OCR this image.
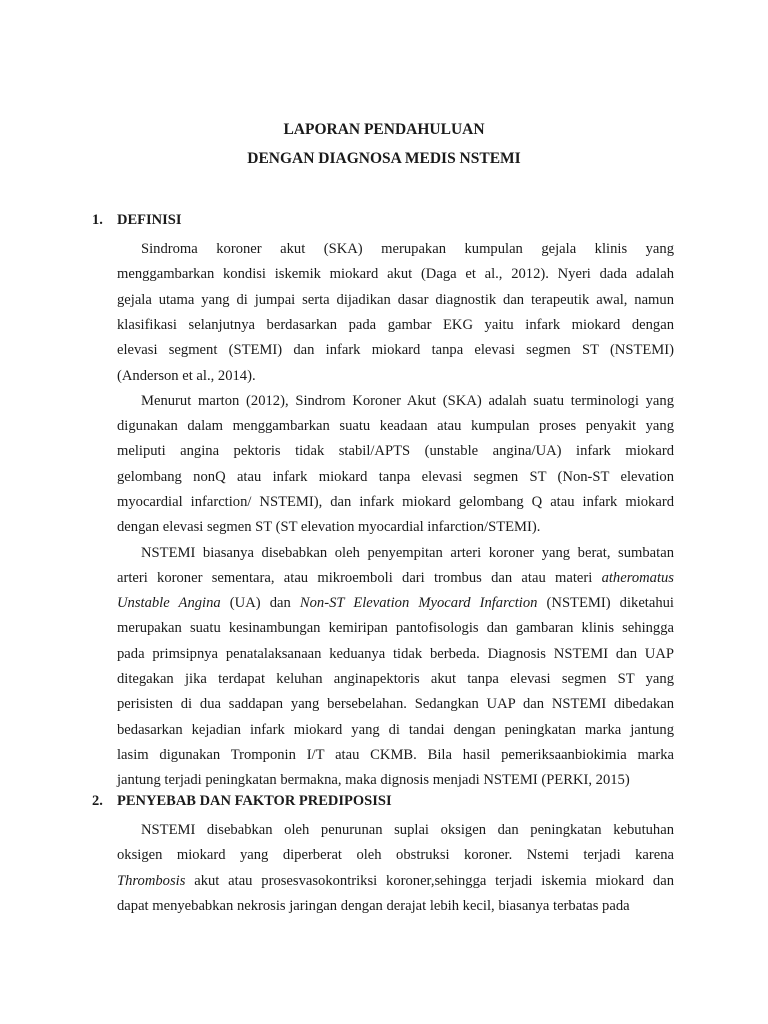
LAPORAN PENDAHULUAN
DENGAN DIAGNOSA MEDIS NSTEMI
1. DEFINISI
Sindroma koroner akut (SKA) merupakan kumpulan gejala klinis yang
menggambarkan kondisi iskemik miokard akut (Daga et al., 2012). Nyeri dada adalah
gejala utama yang di jumpai serta dijadikan dasar diagnostik dan terapeutik awal, namun
klasifikasi selanjutnya berdasarkan pada gambar EKG yaitu infark miokard dengan
elevasi segment (STEMI) dan infark miokard tanpa elevasi segmen ST (NSTEMI)
(Anderson et al., 2014).
Menurut marton (2012), Sindrom Koroner Akut (SKA) adalah suatu terminologi yang
digunakan dalam menggambarkan suatu keadaan atau kumpulan proses penyakit yang
meliputi angina pektoris tidak stabil/APTS (unstable angina/UA) infark miokard
gelombang nonQ atau infark miokard tanpa elevasi segmen ST (Non-ST elevation
myocardial infarction/ NSTEMI), dan infark miokard gelombang Q atau infark miokard
dengan elevasi segmen ST (ST elevation myocardial infarction/STEMI).
NSTEMI biasanya disebabkan oleh penyempitan arteri koroner yang berat, sumbatan
arteri koroner sementara, atau mikroemboli dari trombus dan atau materi atheromatus
Unstable Angina (UA) dan Non-ST Elevation Myocard Infarction (NSTEMI) diketahui
merupakan suatu kesinambungan kemiripan pantofisologis dan gambaran klinis sehingga
pada primsipnya penatalaksanaan keduanya tidak berbeda. Diagnosis NSTEMI dan UAP
ditegakan jika terdapat keluhan anginapektoris akut tanpa elevasi segmen ST yang
perisisten di dua saddapan yang bersebelahan. Sedangkan UAP dan NSTEMI dibedakan
bedasarkan kejadian infark miokard yang di tandai dengan peningkatan marka jantung
lasim digunakan Tromponin I/T atau CKMB. Bila hasil pemeriksaanbiokimia marka
jantung terjadi peningkatan bermakna, maka dignosis menjadi NSTEMI (PERKI, 2015)
2. PENYEBAB DAN FAKTOR PREDIPOSISI
NSTEMI disebabkan oleh penurunan suplai oksigen dan peningkatan kebutuhan
oksigen miokard yang diperberat oleh obstruksi koroner. Nstemi terjadi karena
Thrombosis akut atau prosesvasokontriksi koroner,sehingga terjadi iskemia miokard dan
dapat menyebabkan nekrosis jaringan dengan derajat lebih kecil, biasanya terbatas pada
